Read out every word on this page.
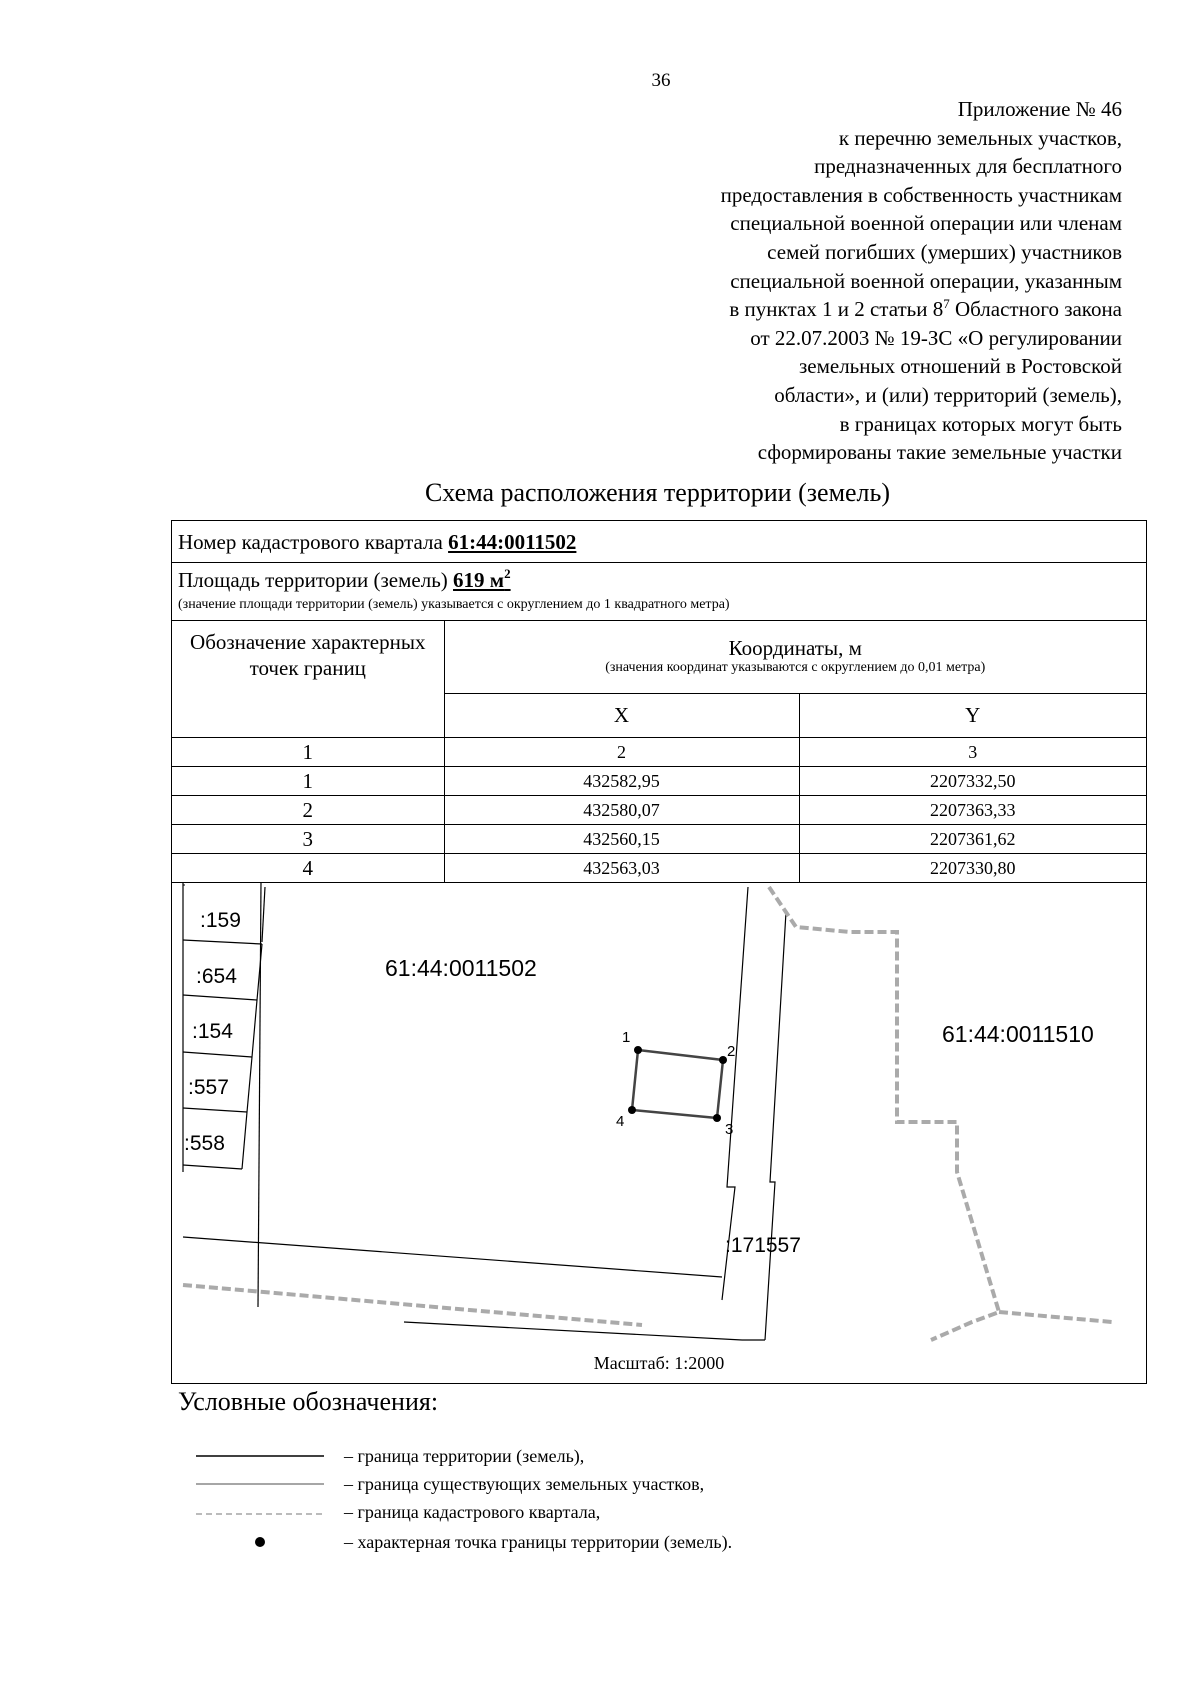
36
Приложение № 46
к перечню земельных участков,
предназначенных для бесплатного
предоставления в собственность участникам
специальной военной операции или членам
семей погибших (умерших) участников
специальной военной операции, указанным
в пунктах 1 и 2 статьи $8^7$ Областного закона
от 22.07.2003 № 19-ЗС «О регулировании
земельных отношений в Ростовской
области», и (или) территорий (земель),
в границах которых могут быть
сформированы такие земельные участки
Схема расположения территории (земель)
Номер кадастрового квартала 61:44:0011502
Площадь территории (земель) 619 $м^2$
(значение площади территории (земель) указывается с округлением до 1 квадратного метра)
Обозначение характерных точек границ	Координаты, м
(значения координат указываются с округлением до 0,01 метра)	

	X	Y
1	2	3
1	432582,95	2207332,50
2	432580,07	2207363,33
3	432560,15	2207361,62
4	432563,03	2207330,80
:159
:654
:154
:557
:558
61:44:0011502
61:44:0011510
:171557
1
2
3
4
Масштаб: 1:2000
Условные обозначения:
– граница территории (земель),
– граница существующих земельных участков,
– граница кадастрового квартала,
– характерная точка границы территории (земель).
